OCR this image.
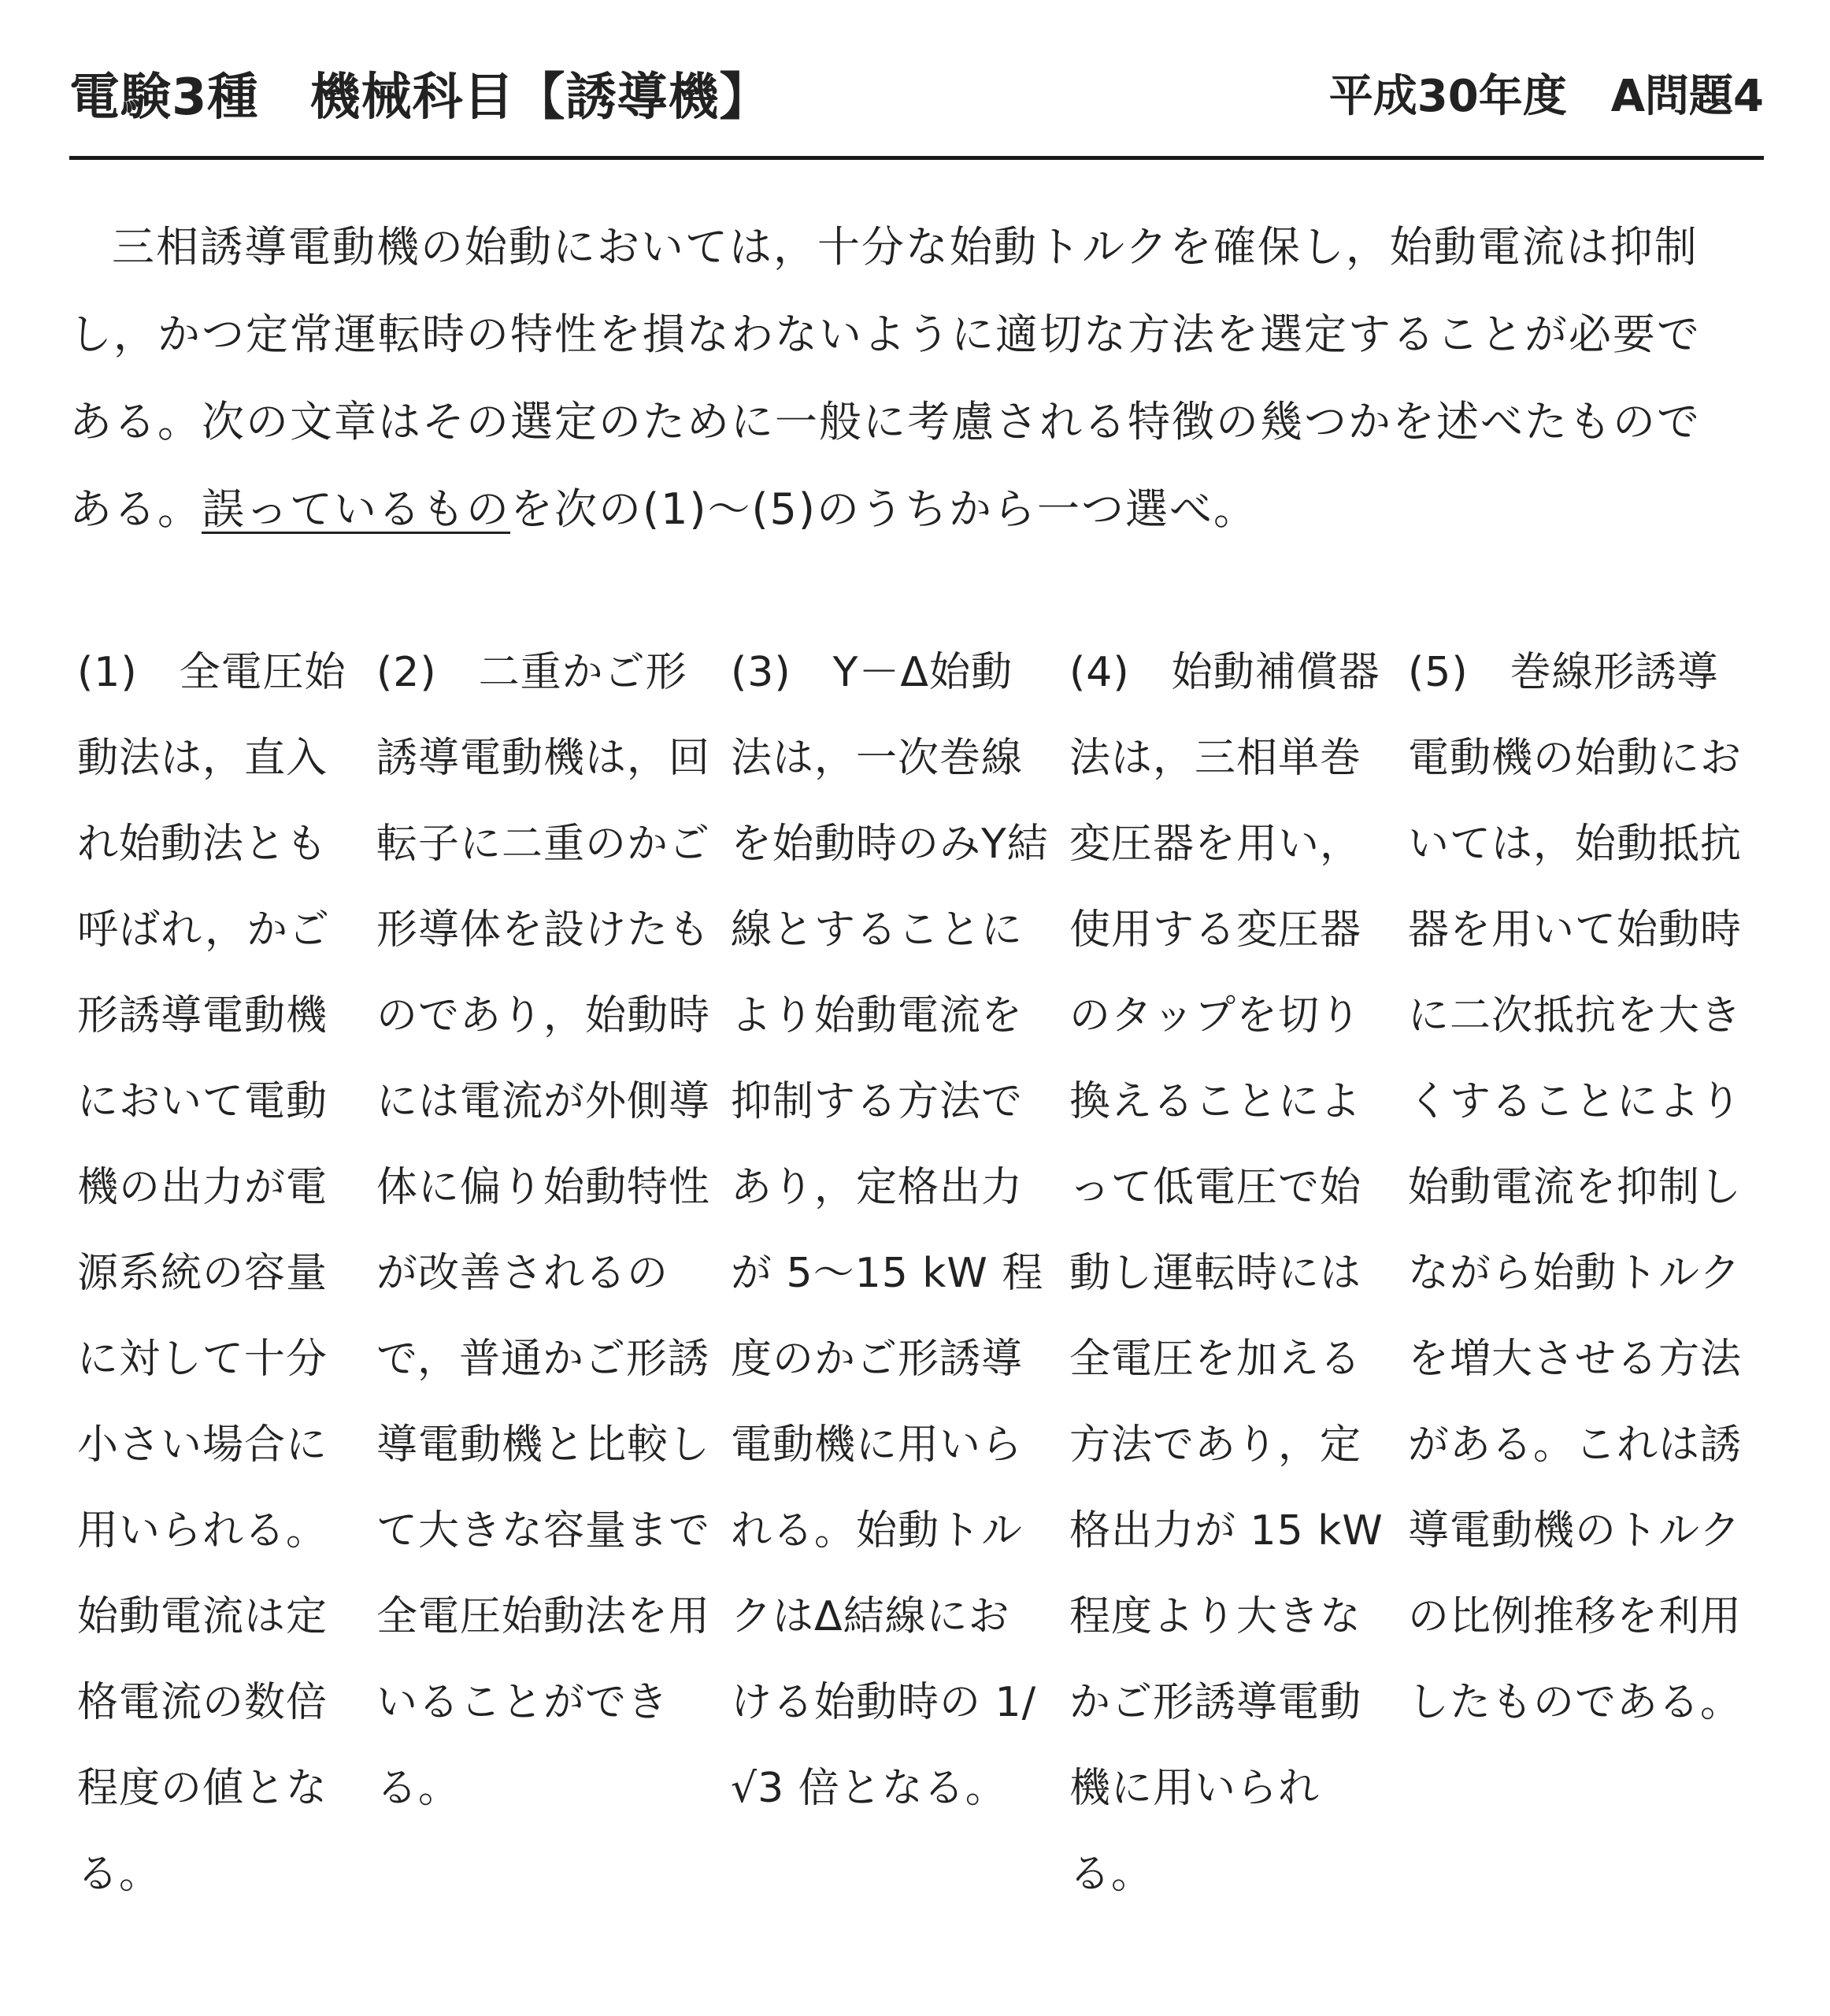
電験3種　機械科目【誘導機】	平成30年度　A問題4

三相誘導電動機の始動においては，十分な始動トルクを確保し，始動電流は抑制

し，かつ定常運転時の特性を損なわないように適切な方法を選定することが必要で

ある。次の文章はその選定のために一般に考慮される特徴の幾つかを述べたもので

ある。誤っているものを次の(1)〜(5)のうちから一つ選べ。

(1)　全電圧始
動法は，直入
れ始動法とも
呼ばれ，かご
形誘導電動機
において電動
機の出力が電
源系統の容量
に対して十分
小さい場合に
用いられる。
始動電流は定
格電流の数倍
程度の値とな
る。
(2)　二重かご形
誘導電動機は，回
転子に二重のかご
形導体を設けたも
のであり，始動時
には電流が外側導
体に偏り始動特性
が改善されるの
で，普通かご形誘
導電動機と比較し
て大きな容量まで
全電圧始動法を用
いることができ
る。
(3)　Y－Δ始動
法は，一次巻線
を始動時のみY結
線とすることに
より始動電流を
抑制する方法で
あり，定格出力
が 5〜15 kW 程
度のかご形誘導
電動機に用いら
れる。始動トル
クはΔ結線にお
ける始動時の 1/
√3 倍となる。
(4)　始動補償器
法は，三相単巻
変圧器を用い，
使用する変圧器
のタップを切り
換えることによ
って低電圧で始
動し運転時には
全電圧を加える
方法であり，定
格出力が 15 kW
程度より大きな
かご形誘導電動
機に用いられ
る。
(5)　巻線形誘導
電動機の始動にお
いては，始動抵抗
器を用いて始動時
に二次抵抗を大き
くすることにより
始動電流を抑制し
ながら始動トルク
を増大させる方法
がある。これは誘
導電動機のトルク
の比例推移を利用
したものである。
